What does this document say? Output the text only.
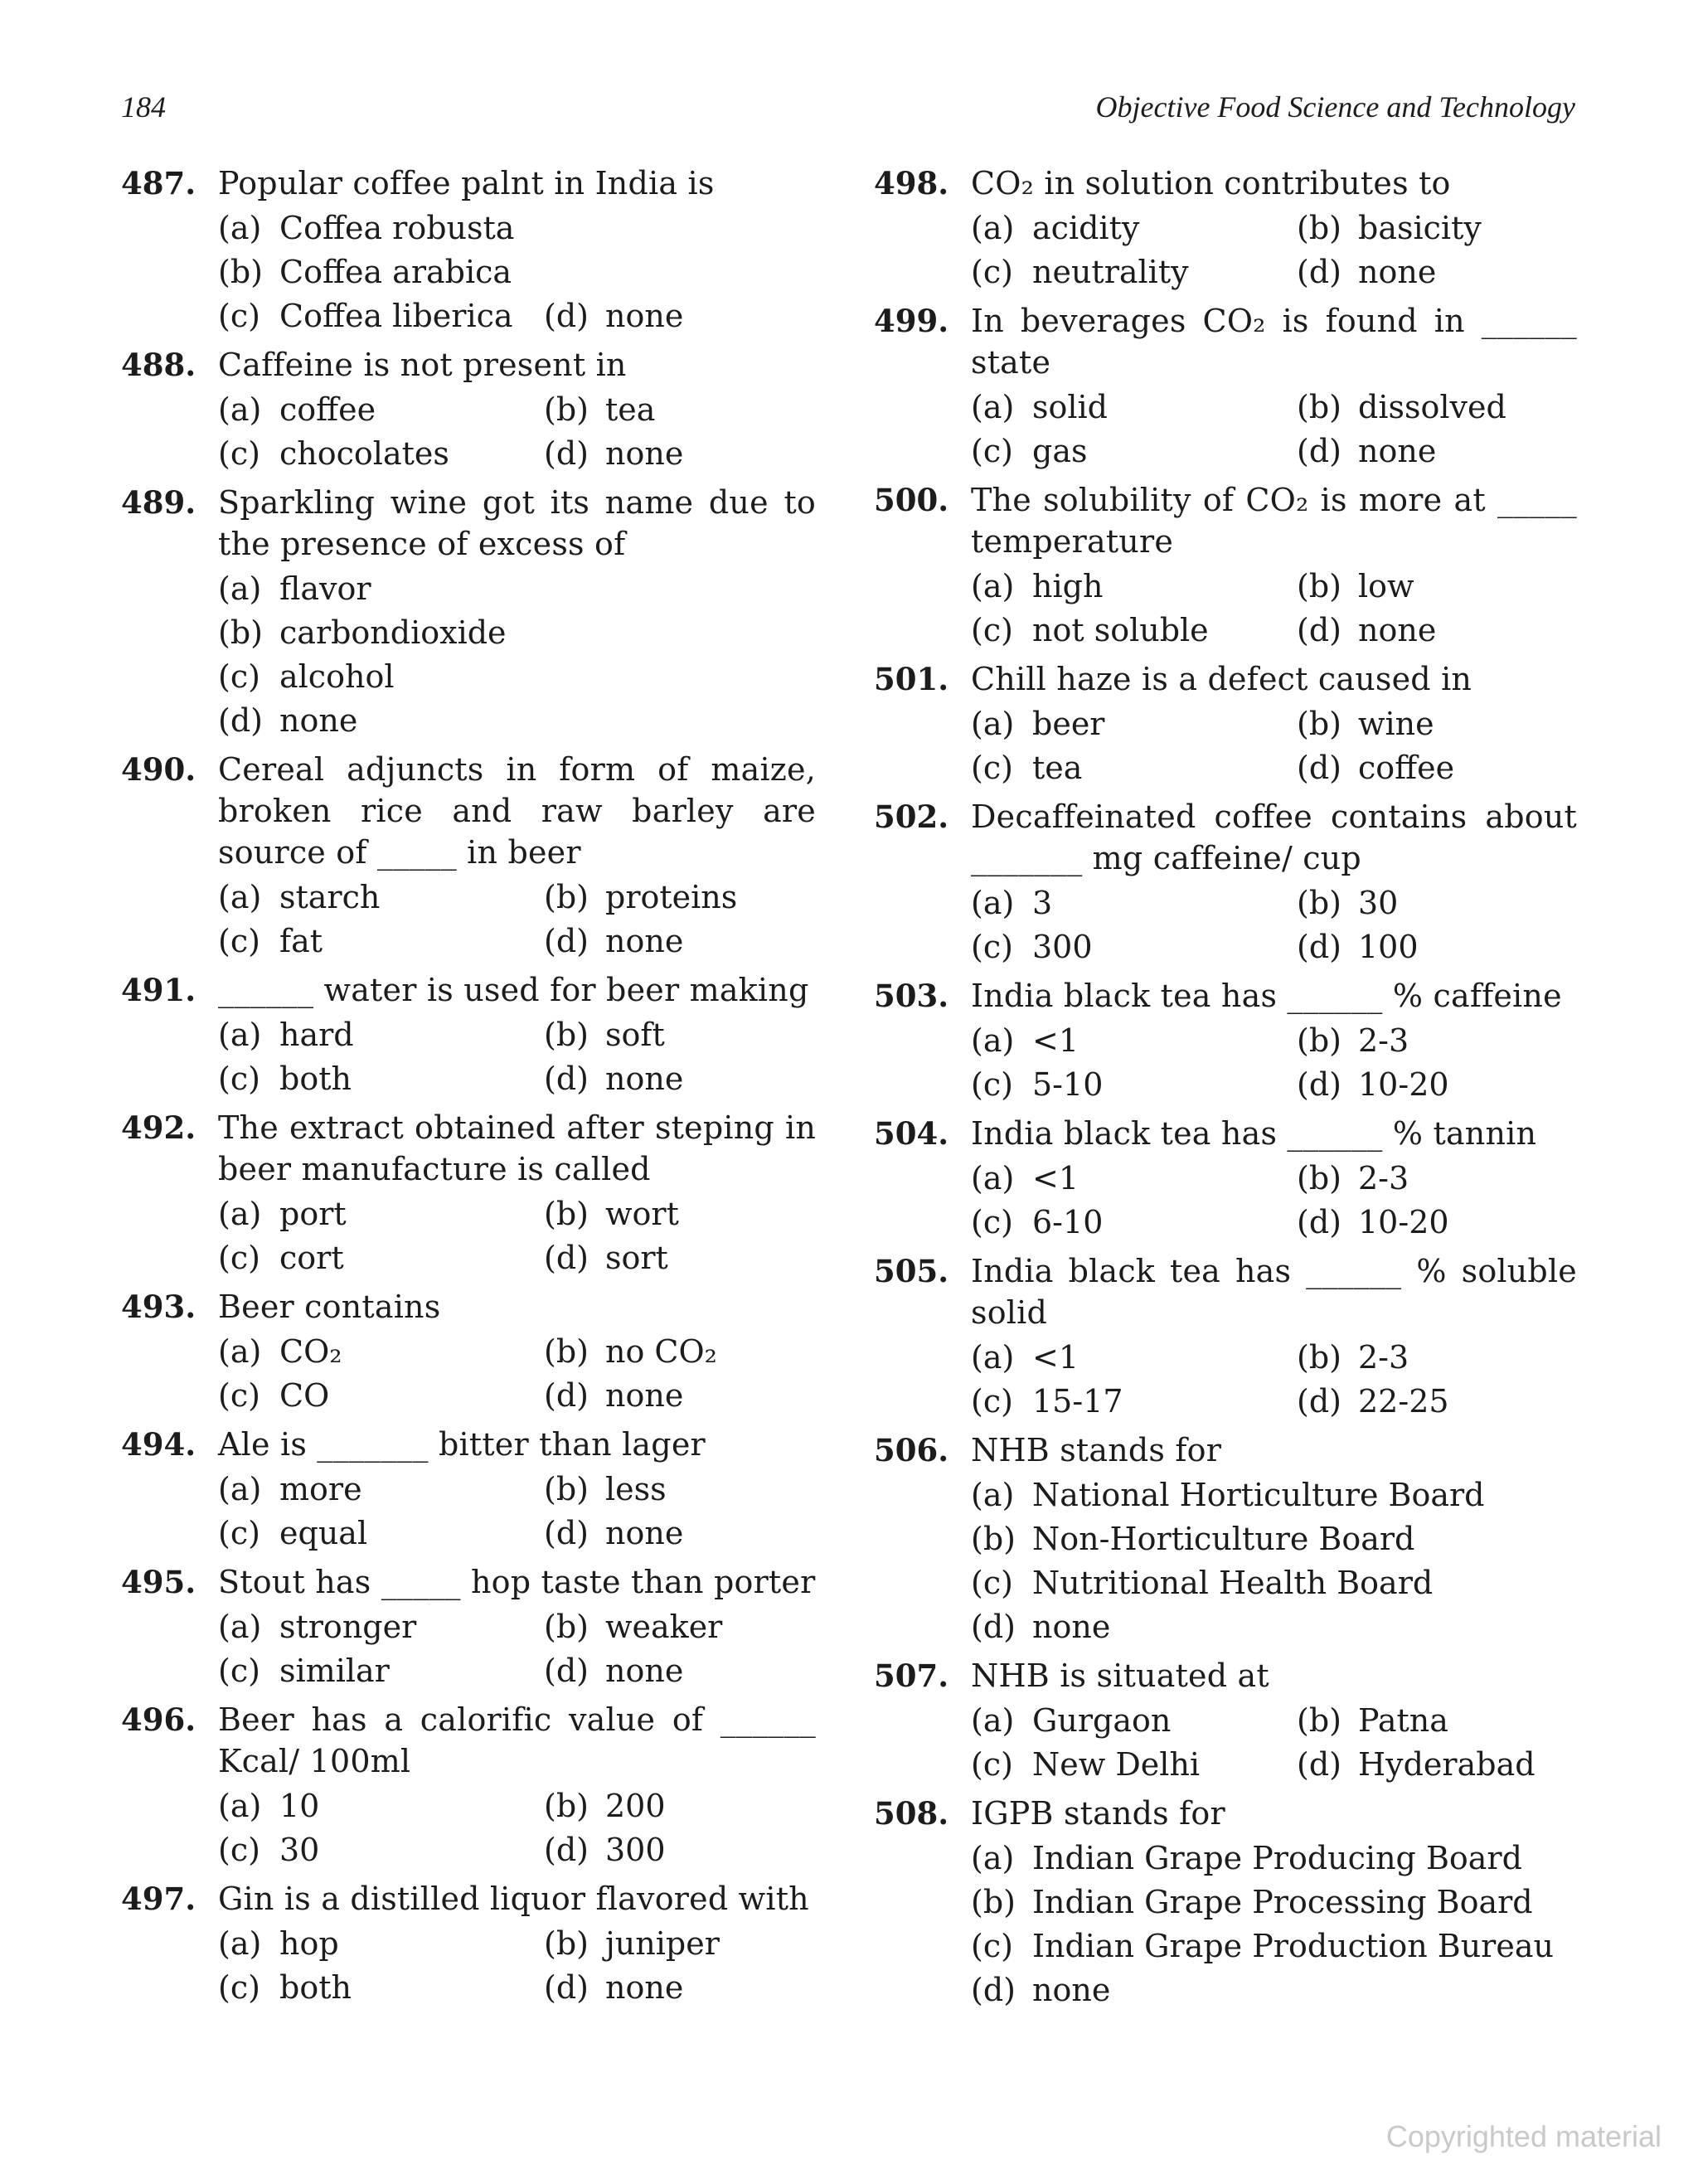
184	Objective Food Science and Technology
487. Popular coffee palnt in India is
(a) Coffea robusta
(b) Coffea arabica
(c) Coffea liberica (d) none
488. Caffeine is not present in
(a) coffee	(b) tea
(c) chocolates	(d) none
489. Sparkling wine got its name due to the presence of excess of
(a) flavor
(b) carbondioxide
(c) alcohol
(d) none
490. Cereal adjuncts in form of maize, broken rice and raw barley are source of _____ in beer
(a) starch	(b) proteins
(c) fat	(d) none
491. ______ water is used for beer making
(a) hard	(b) soft
(c) both	(d) none
492. The extract obtained after steping in beer manufacture is called
(a) port	(b) wort
(c) cort	(d) sort
493. Beer contains
(a) CO₂	(b) no CO₂
(c) CO	(d) none
494. Ale is _______ bitter than lager
(a) more	(b) less
(c) equal	(d) none
495. Stout has _____ hop taste than porter
(a) stronger	(b) weaker
(c) similar	(d) none
496. Beer has a calorific value of ______ Kcal/ 100ml
(a) 10	(b) 200
(c) 30	(d) 300
497. Gin is a distilled liquor flavored with
(a) hop	(b) juniper
(c) both	(d) none
498. CO₂ in solution contributes to
(a) acidity	(b) basicity
(c) neutrality	(d) none
499. In beverages CO₂ is found in ______ state
(a) solid	(b) dissolved
(c) gas	(d) none
500. The solubility of CO₂ is more at _____ temperature
(a) high	(b) low
(c) not soluble	(d) none
501. Chill haze is a defect caused in
(a) beer	(b) wine
(c) tea	(d) coffee
502. Decaffeinated coffee contains about _______ mg caffeine/ cup
(a) 3	(b) 30
(c) 300	(d) 100
503. India black tea has ______ % caffeine
(a) <1	(b) 2-3
(c) 5-10	(d) 10-20
504. India black tea has ______ % tannin
(a) <1	(b) 2-3
(c) 6-10	(d) 10-20
505. India black tea has ______ % soluble solid
(a) <1	(b) 2-3
(c) 15-17	(d) 22-25
506. NHB stands for
(a) National Horticulture Board
(b) Non-Horticulture Board
(c) Nutritional Health Board
(d) none
507. NHB is situated at
(a) Gurgaon	(b) Patna
(c) New Delhi	(d) Hyderabad
508. IGPB stands for
(a) Indian Grape Producing Board
(b) Indian Grape Processing Board
(c) Indian Grape Production Bureau
(d) none
Copyrighted material
